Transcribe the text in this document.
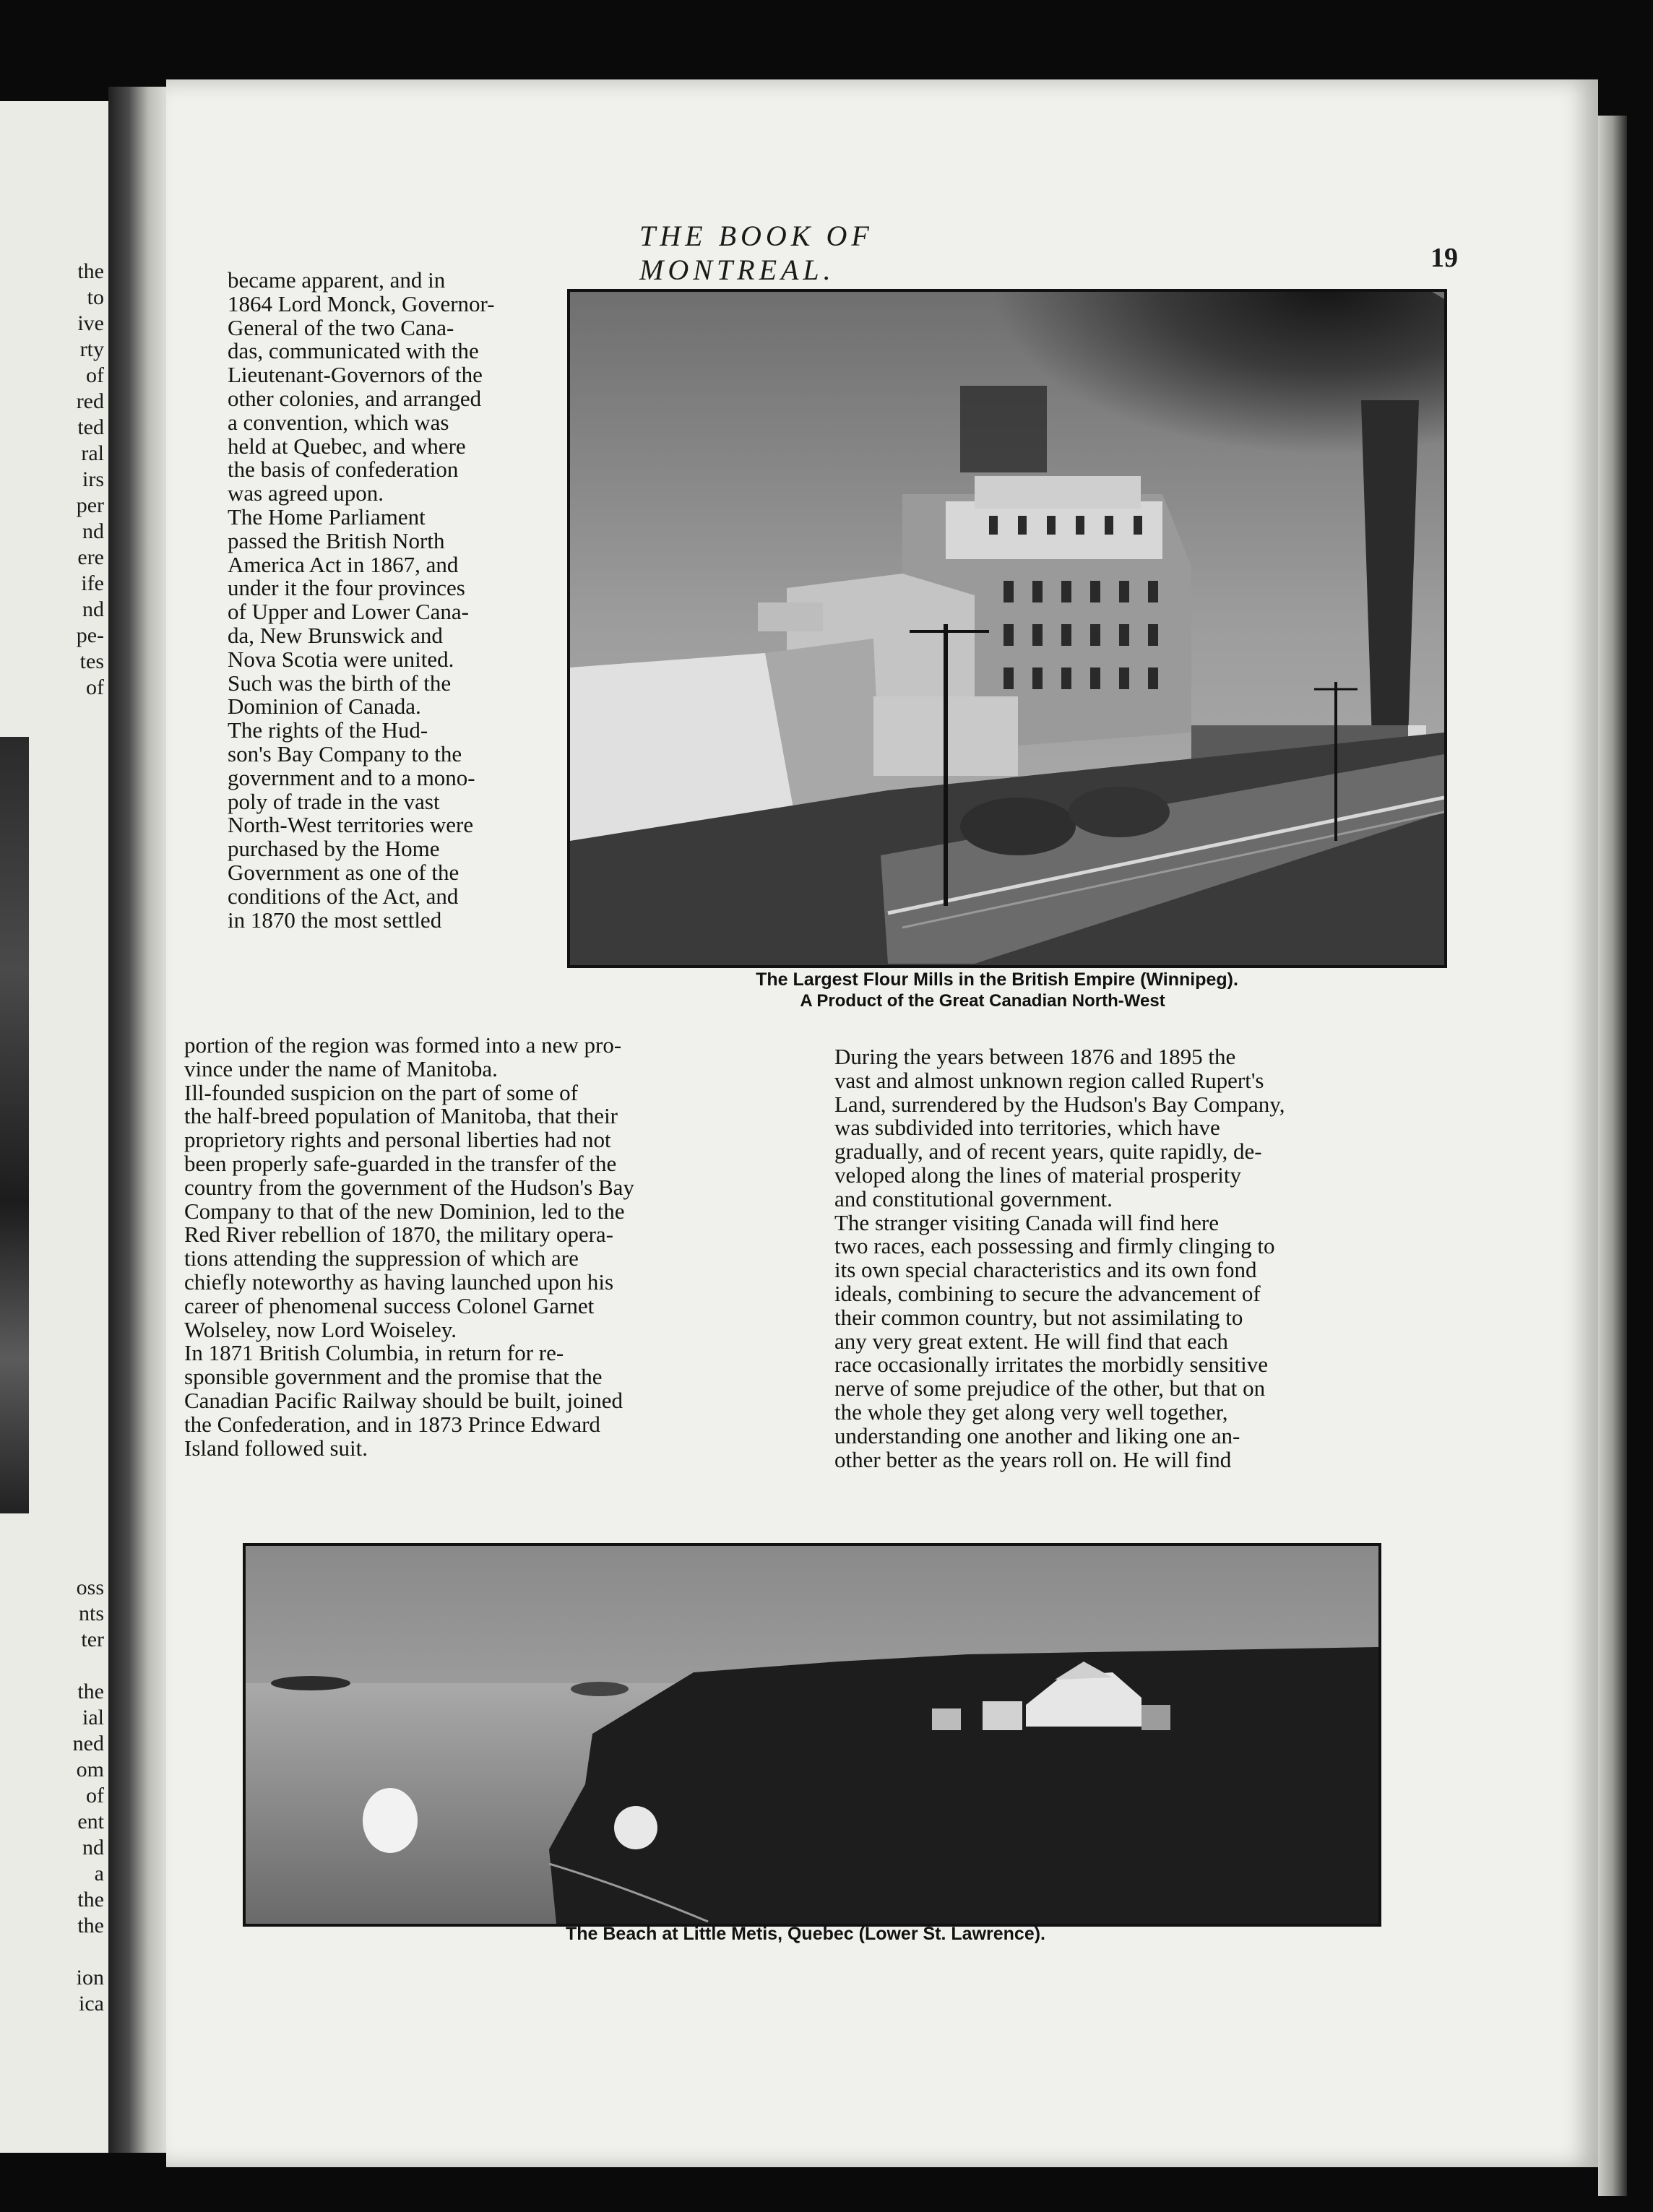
the
to
ive
rty
of
red
ted
ral
irs
per
nd
ere
ife
nd
pe-
tes
of
oss
nts
ter
the
ial
ned
om
of
ent
nd
a
the
the
ion
ica
THE BOOK OF MONTREAL.	19
became apparent, and in
1864 Lord Monck, Governor-
General of the two Cana-
das, communicated with the
Lieutenant-Governors of the
other colonies, and arranged
a convention, which was
held at Quebec, and where
the basis of confederation
was agreed upon.
The Home Parliament
passed the British North
America Act in 1867, and
under it the four provinces
of Upper and Lower Cana-
da, New Brunswick and
Nova Scotia were united.
Such was the birth of the
Dominion of Canada.
The rights of the Hud-
son's Bay Company to the
government and to a mono-
poly of trade in the vast
North-West territories were
purchased by the Home
Government as one of the
conditions of the Act, and
in 1870 the most settled
portion of the region was formed into a new pro-
vince under the name of Manitoba.
Ill-founded suspicion on the part of some of
the half-breed population of Manitoba, that their
proprietory rights and personal liberties had not
been properly safe-guarded in the transfer of the
country from the government of the Hudson's Bay
Company to that of the new Dominion, led to the
Red River rebellion of 1870, the military opera-
tions attending the suppression of which are
chiefly noteworthy as having launched upon his
career of phenomenal success Colonel Garnet
Wolseley, now Lord Woiseley.
In 1871 British Columbia, in return for re-
sponsible government and the promise that the
Canadian Pacific Railway should be built, joined
the Confederation, and in 1873 Prince Edward
Island followed suit.
During the years between 1876 and 1895 the
vast and almost unknown region called Rupert's
Land, surrendered by the Hudson's Bay Company,
was subdivided into territories, which have
gradually, and of recent years, quite rapidly, de-
veloped along the lines of material prosperity
and constitutional government.
The stranger visiting Canada will find here
two races, each possessing and firmly clinging to
its own special characteristics and its own fond
ideals, combining to secure the advancement of
their common country, but not assimilating to
any very great extent. He will find that each
race occasionally irritates the morbidly sensitive
nerve of some prejudice of the other, but that on
the whole they get along very well together,
understanding one another and liking one an-
other better as the years roll on. He will find
The Largest Flour Mills in the British Empire (Winnipeg).
A Product of the Great Canadian North-West
The Beach at Little Metis, Quebec (Lower St. Lawrence).
